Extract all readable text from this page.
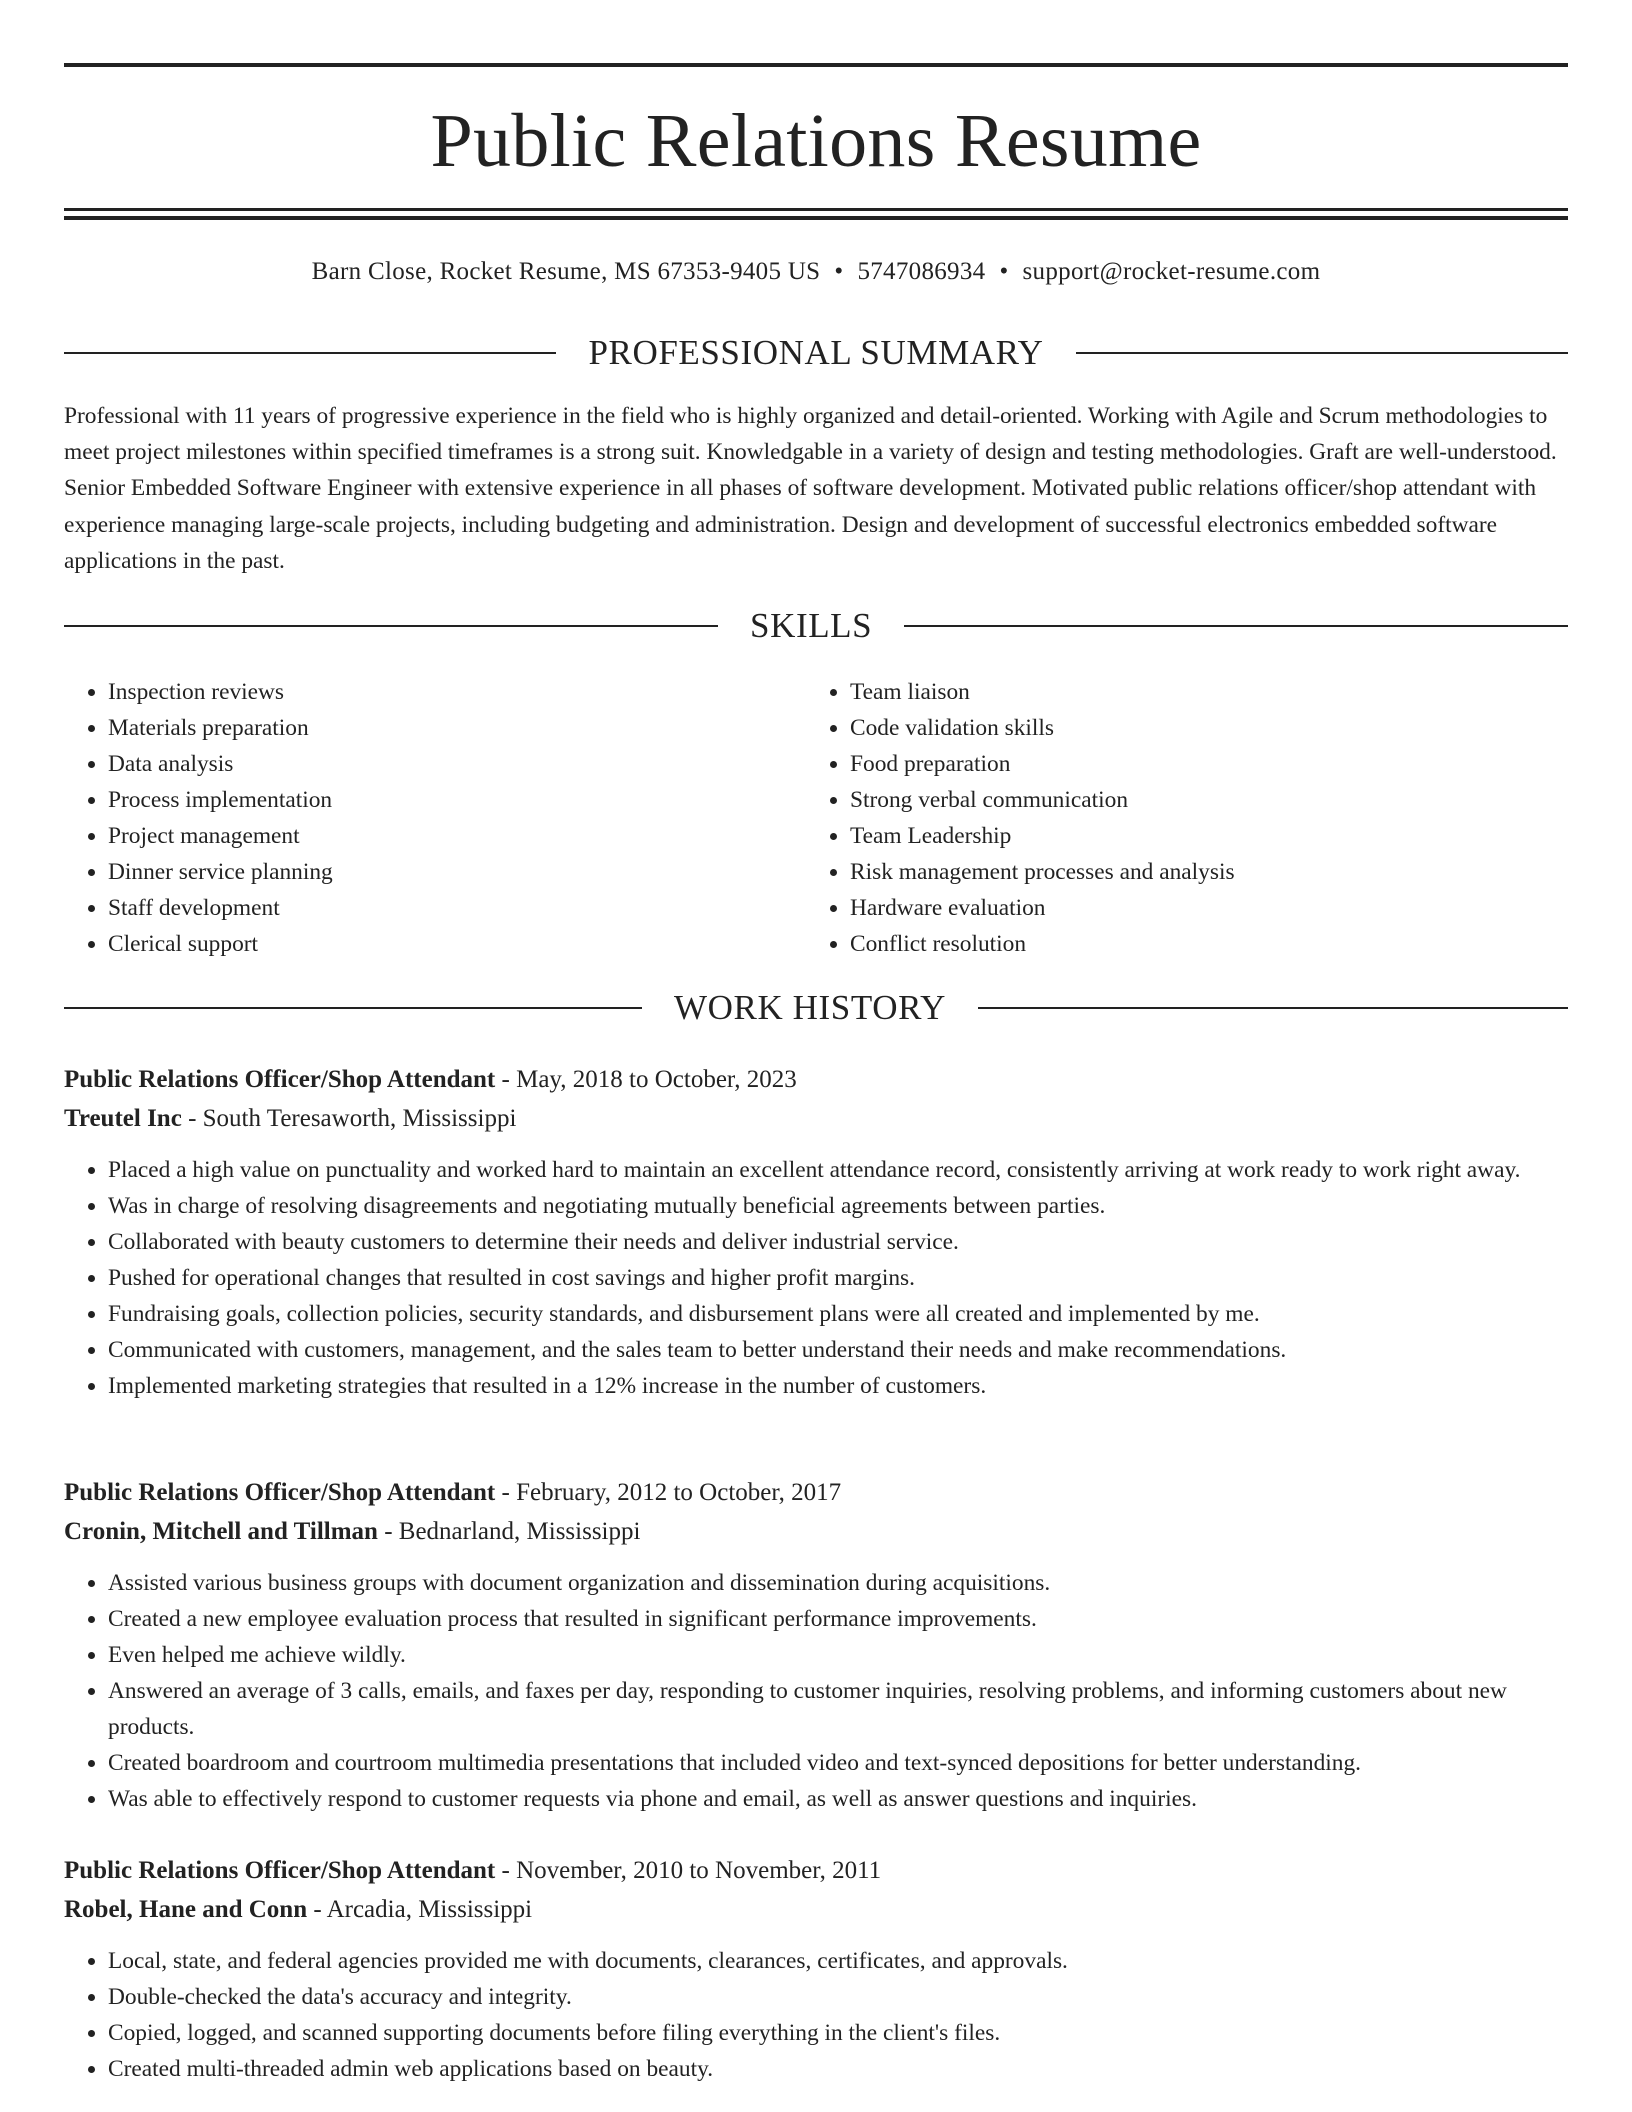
Public Relations Resume
Barn Close, Rocket Resume, MS 67353-9405 US • 5747086934 • support@rocket-resume.com
PROFESSIONAL SUMMARY

Professional with 11 years of progressive experience in the field who is highly organized and detail-oriented. Working with Agile and Scrum methodologies to meet project milestones within specified timeframes is a strong suit. Knowledgable in a variety of design and testing methodologies. Graft are well-understood. Senior Embedded Software Engineer with extensive experience in all phases of software development. Motivated public relations officer/shop attendant with experience managing large-scale projects, including budgeting and administration. Design and development of successful electronics embedded software applications in the past.

SKILLS
• Inspection reviews
• Materials preparation
• Data analysis
• Process implementation
• Project management
• Dinner service planning
• Staff development
• Clerical support
• Team liaison
• Code validation skills
• Food preparation
• Strong verbal communication
• Team Leadership
• Risk management processes and analysis
• Hardware evaluation
• Conflict resolution
WORK HISTORY

Public Relations Officer/Shop Attendant - May, 2018 to October, 2023

Treutel Inc - South Teresaworth, Mississippi

• Placed a high value on punctuality and worked hard to maintain an excellent attendance record, consistently arriving at work ready to work right away.
• Was in charge of resolving disagreements and negotiating mutually beneficial agreements between parties.
• Collaborated with beauty customers to determine their needs and deliver industrial service.
• Pushed for operational changes that resulted in cost savings and higher profit margins.
• Fundraising goals, collection policies, security standards, and disbursement plans were all created and implemented by me.
• Communicated with customers, management, and the sales team to better understand their needs and make recommendations.
• Implemented marketing strategies that resulted in a 12% increase in the number of customers.

Public Relations Officer/Shop Attendant - February, 2012 to October, 2017

Cronin, Mitchell and Tillman - Bednarland, Mississippi

• Assisted various business groups with document organization and dissemination during acquisitions.
• Created a new employee evaluation process that resulted in significant performance improvements.
• Even helped me achieve wildly.
• Answered an average of 3 calls, emails, and faxes per day, responding to customer inquiries, resolving problems, and informing customers about new products.
• Created boardroom and courtroom multimedia presentations that included video and text-synced depositions for better understanding.
• Was able to effectively respond to customer requests via phone and email, as well as answer questions and inquiries.

Public Relations Officer/Shop Attendant - November, 2010 to November, 2011

Robel, Hane and Conn - Arcadia, Mississippi

• Local, state, and federal agencies provided me with documents, clearances, certificates, and approvals.
• Double-checked the data's accuracy and integrity.
• Copied, logged, and scanned supporting documents before filing everything in the client's files.
• Created multi-threaded admin web applications based on beauty.
